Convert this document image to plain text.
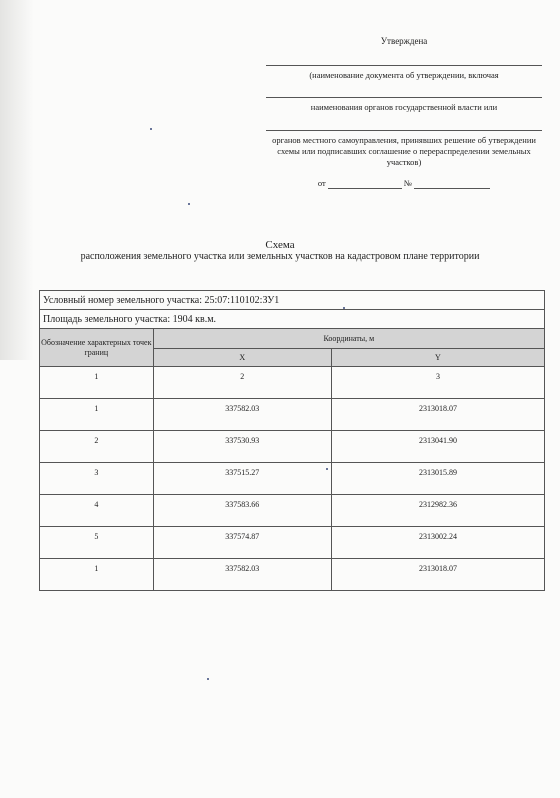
Утверждена
(наименование документа об утверждении, включая
наименования органов государственной власти или
органов местного самоуправления, принявших решение об утверждении схемы или подписавших соглашение о перераспределении земельных участков)
от	№
Схема
расположения земельного участка или земельных участков на кадастровом плане территории
Условный номер земельного участка: 25:07:110102:ЗУ1		
Площадь земельного участка: 1904 кв.м.		
Обозначение характерных точек границ	Координаты, м	
	X	Y
1	2	3
1	337582.03	2313018.07
2	337530.93	2313041.90
3	337515.27	2313015.89
4	337583.66	2312982.36
5	337574.87	2313002.24
1	337582.03	2313018.07
